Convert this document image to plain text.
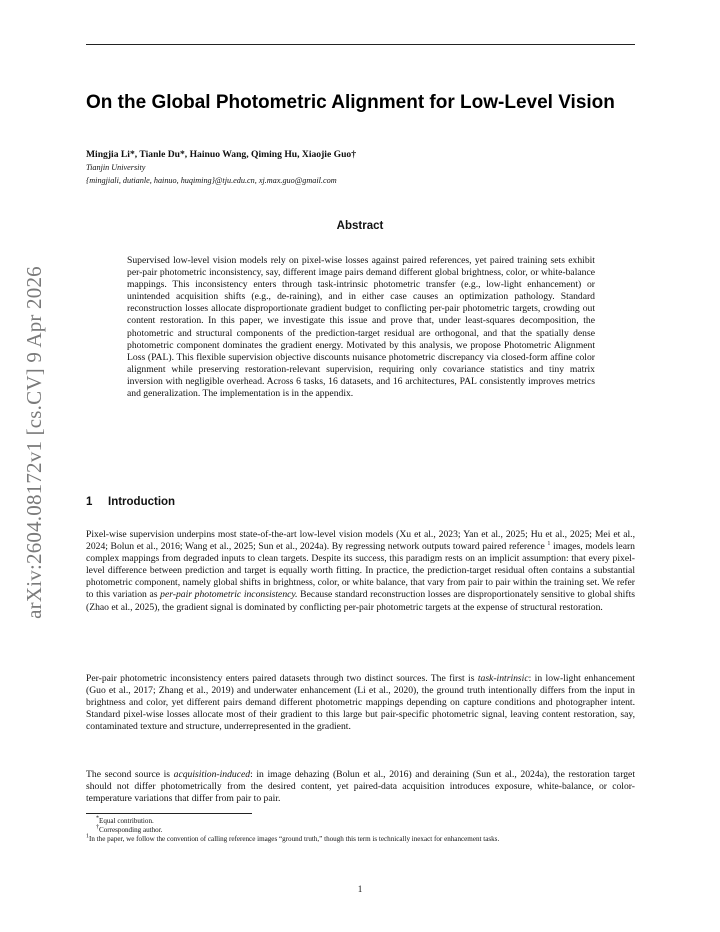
arXiv:2604.08172v1 [cs.CV] 9 Apr 2026
On the Global Photometric Alignment for Low-Level Vision
Mingjia Li*, Tianle Du*, Hainuo Wang, Qiming Hu, Xiaojie Guo†
Tianjin University
{mingjiali, dutianle, hainuo, huqiming}@tju.edu.cn, xj.max.guo@gmail.com
Abstract
Supervised low-level vision models rely on pixel-wise losses against paired references, yet paired training sets exhibit per-pair photometric inconsistency, say, different image pairs demand different global brightness, color, or white-balance mappings. This inconsistency enters through task-intrinsic photometric transfer (e.g., low-light enhancement) or unintended acquisition shifts (e.g., de-raining), and in either case causes an optimization pathology. Standard reconstruction losses allocate disproportionate gradient budget to conflicting per-pair photometric targets, crowding out content restoration. In this paper, we investigate this issue and prove that, under least-squares decomposition, the photometric and structural components of the prediction-target residual are orthogonal, and that the spatially dense photometric component dominates the gradient energy. Motivated by this analysis, we propose Photometric Alignment Loss (PAL). This flexible supervision objective discounts nuisance photometric discrepancy via closed-form affine color alignment while preserving restoration-relevant supervision, requiring only covariance statistics and tiny matrix inversion with negligible overhead. Across 6 tasks, 16 datasets, and 16 architectures, PAL consistently improves metrics and generalization. The implementation is in the appendix.
1 Introduction
Pixel-wise supervision underpins most state-of-the-art low-level vision models (Xu et al., 2023; Yan et al., 2025; Hu et al., 2025; Mei et al., 2024; Bolun et al., 2016; Wang et al., 2025; Sun et al., 2024a). By regressing network outputs toward paired reference $^1$ images, models learn complex mappings from degraded inputs to clean targets. Despite its success, this paradigm rests on an implicit assumption: that every pixel-level difference between prediction and target is equally worth fitting. In practice, the prediction-target residual often contains a substantial photometric component, namely global shifts in brightness, color, or white balance, that vary from pair to pair within the training set. We refer to this variation as per-pair photometric inconsistency. Because standard reconstruction losses are disproportionately sensitive to global shifts (Zhao et al., 2025), the gradient signal is dominated by conflicting per-pair photometric targets at the expense of structural restoration.
Per-pair photometric inconsistency enters paired datasets through two distinct sources. The first is task-intrinsic: in low-light enhancement (Guo et al., 2017; Zhang et al., 2019) and underwater enhancement (Li et al., 2020), the ground truth intentionally differs from the input in brightness and color, yet different pairs demand different photometric mappings depending on capture conditions and photographer intent. Standard pixel-wise losses allocate most of their gradient to this large but pair-specific photometric signal, leaving content restoration, say, contaminated texture and structure, underrepresented in the gradient.
The second source is acquisition-induced: in image dehazing (Bolun et al., 2016) and deraining (Sun et al., 2024a), the restoration target should not differ photometrically from the desired content, yet paired-data acquisition introduces exposure, white-balance, or color-temperature variations that differ from pair to pair.

*Equal contribution.

†Corresponding author.

$^1$In the paper, we follow the convention of calling reference images “ground truth,” though this term is technically inexact for enhancement tasks.

1
